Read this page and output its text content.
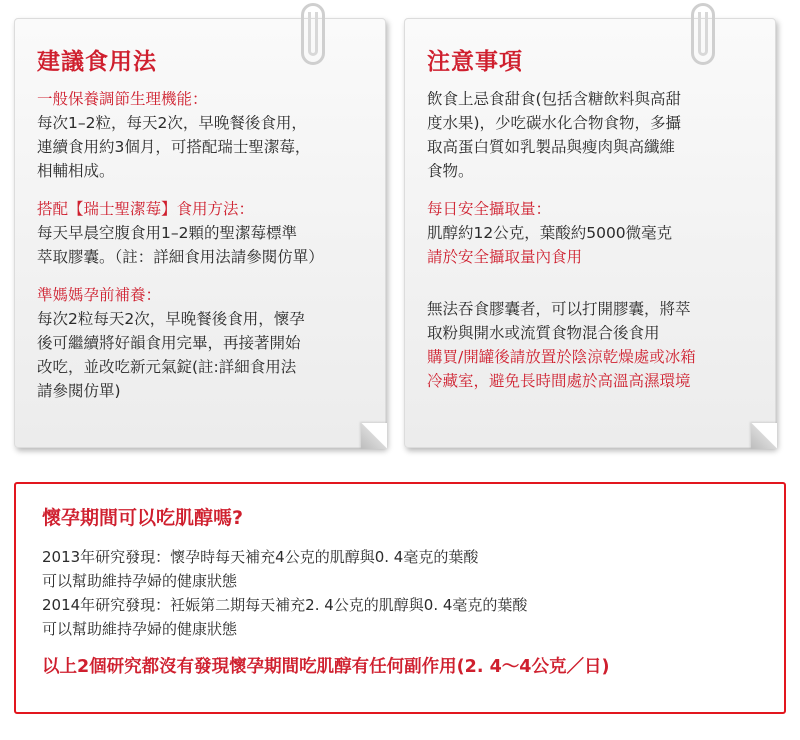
建議食用法

一般保養調節生理機能：

每次1–2粒，每天2次，早晚餐後食用，

連續食用約3個月，可搭配瑞士聖潔莓，

相輔相成。

搭配【瑞士聖潔莓】食用方法：

每天早晨空腹食用1–2顆的聖潔莓標準

萃取膠囊。（註：詳細食用法請參閱仿單）

準媽媽孕前補養：

每次2粒每天2次，早晚餐後食用，懷孕

後可繼續將好韻食用完畢，再接著開始

改吃，並改吃新元氣錠(註:詳細食用法

請參閱仿單)

注意事項

飲食上忌食甜食(包括含糖飲料與高甜

度水果)，少吃碳水化合物食物，多攝

取高蛋白質如乳製品與瘦肉與高纖維

食物。

每日安全攝取量：

肌醇約12公克，葉酸約5000微毫克

請於安全攝取量內食用

無法吞食膠囊者，可以打開膠囊，將萃

取粉與開水或流質食物混合後食用

購買/開罐後請放置於陰涼乾燥處或冰箱

冷藏室，避免長時間處於高溫高濕環境

懷孕期間可以吃肌醇嗎?

2013年研究發現：懷孕時每天補充4公克的肌醇與0. 4毫克的葉酸

可以幫助維持孕婦的健康狀態

2014年研究發現：衽娠第二期每天補充2. 4公克的肌醇與0. 4毫克的葉酸

可以幫助維持孕婦的健康狀態

以上2個研究都沒有發現懷孕期間吃肌醇有任何副作用(2. 4～4公克／日)
